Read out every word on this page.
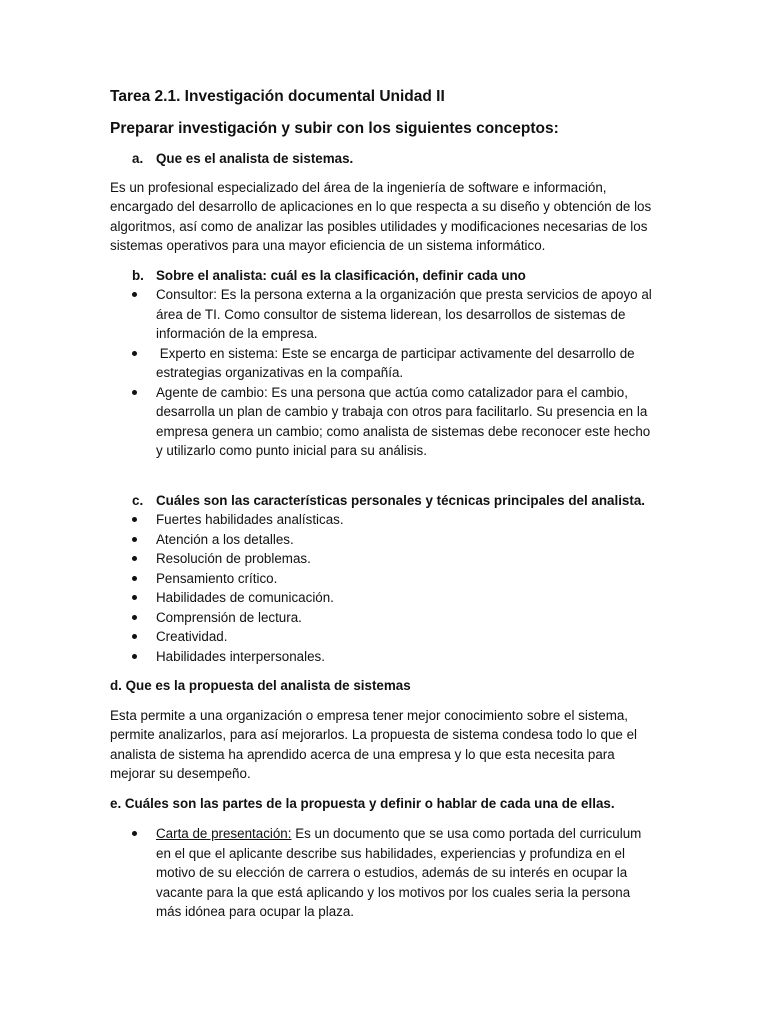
Tarea 2.1. Investigación documental Unidad II
Preparar investigación y subir con los siguientes conceptos:
a. Que es el analista de sistemas.

Es un profesional especializado del área de la ingeniería de software e información, encargado del desarrollo de aplicaciones en lo que respecta a su diseño y obtención de los algoritmos, así como de analizar las posibles utilidades y modificaciones necesarias de los sistemas operativos para una mayor eficiencia de un sistema informático.

b. Sobre el analista: cuál es la clasificación, definir cada uno
Consultor: Es la persona externa a la organización que presta servicios de apoyo al área de TI. Como consultor de sistema liderean, los desarrollos de sistemas de información de la empresa.
Experto en sistema: Este se encarga de participar activamente del desarrollo de estrategias organizativas en la compañía.
Agente de cambio: Es una persona que actúa como catalizador para el cambio, desarrolla un plan de cambio y trabaja con otros para facilitarlo. Su presencia en la empresa genera un cambio; como analista de sistemas debe reconocer este hecho y utilizarlo como punto inicial para su análisis.
c. Cuáles son las características personales y técnicas principales del analista.
Fuertes habilidades analísticas.
Atención a los detalles.
Resolución de problemas.
Pensamiento crítico.
Habilidades de comunicación.
Comprensión de lectura.
Creatividad.
Habilidades interpersonales.
d. Que es la propuesta del analista de sistemas

Esta permite a una organización o empresa tener mejor conocimiento sobre el sistema, permite analizarlos, para así mejorarlos. La propuesta de sistema condesa todo lo que el analista de sistema ha aprendido acerca de una empresa y lo que esta necesita para mejorar su desempeño.

e. Cuáles son las partes de la propuesta y definir o hablar de cada una de ellas.
Carta de presentación: Es un documento que se usa como portada del curriculum en el que el aplicante describe sus habilidades, experiencias y profundiza en el motivo de su elección de carrera o estudios, además de su interés en ocupar la vacante para la que está aplicando y los motivos por los cuales seria la persona más idónea para ocupar la plaza.
